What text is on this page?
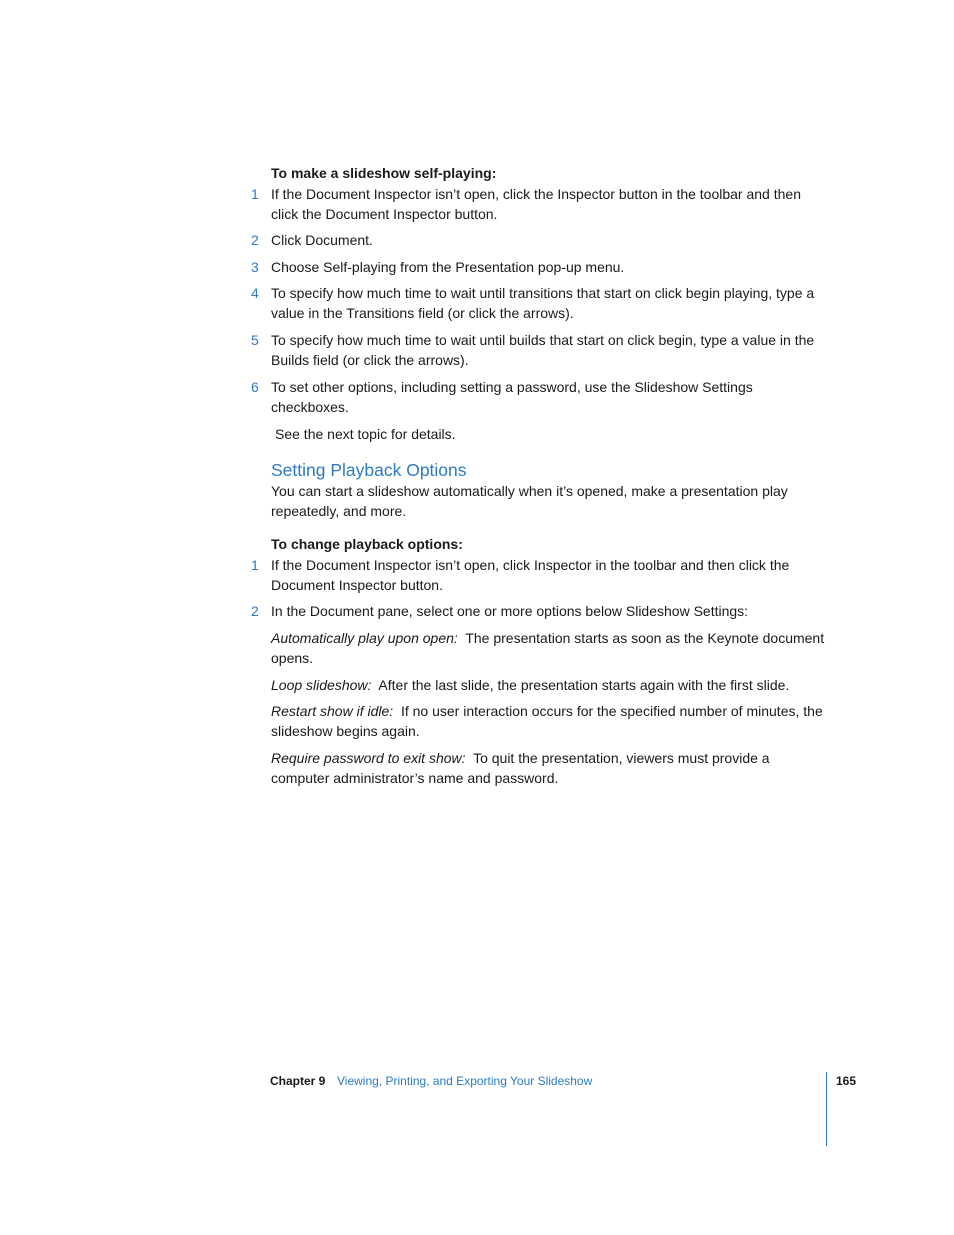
To make a slideshow self-playing:
1 If the Document Inspector isn’t open, click the Inspector button in the toolbar and then click the Document Inspector button.
2 Click Document.
3 Choose Self-playing from the Presentation pop-up menu.
4 To specify how much time to wait until transitions that start on click begin playing, type a value in the Transitions field (or click the arrows).
5 To specify how much time to wait until builds that start on click begin, type a value in the Builds field (or click the arrows).
6 To set other options, including setting a password, use the Slideshow Settings checkboxes.
See the next topic for details.
Setting Playback Options
You can start a slideshow automatically when it’s opened, make a presentation play repeatedly, and more.
To change playback options:
1 If the Document Inspector isn’t open, click Inspector in the toolbar and then click the Document Inspector button.
2 In the Document pane, select one or more options below Slideshow Settings:
Automatically play upon open: The presentation starts as soon as the Keynote document opens.
Loop slideshow: After the last slide, the presentation starts again with the first slide.
Restart show if idle: If no user interaction occurs for the specified number of minutes, the slideshow begins again.
Require password to exit show: To quit the presentation, viewers must provide a computer administrator’s name and password.
Chapter 9 Viewing, Printing, and Exporting Your Slideshow	165
